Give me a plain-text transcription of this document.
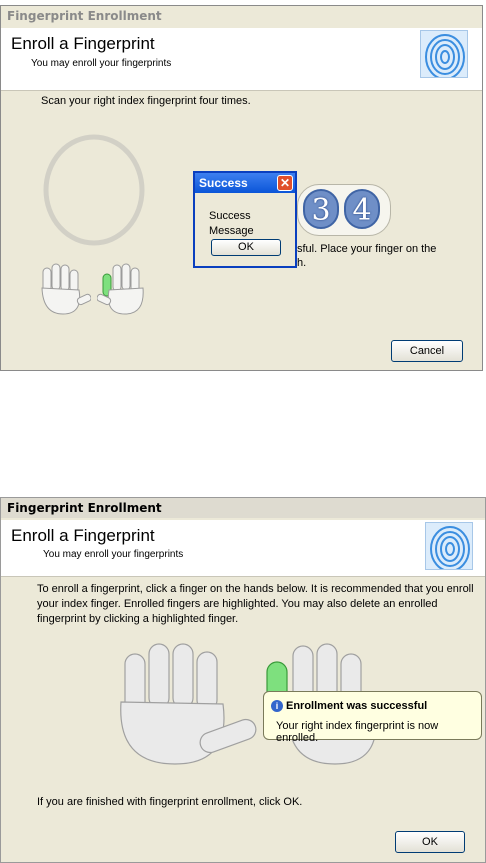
Fingerprint Enrollment
Enroll a Fingerprint
You may enroll your fingerprints
Scan your right index fingerprint four times.
3 4
sful. Place your finger on the
h.
Success	✕
Success Message
OK
Cancel
Fingerprint Enrollment
Enroll a Fingerprint
You may enroll your fingerprints
To enroll a fingerprint, click a finger on the hands below. It is recommended that you enroll your index finger. Enrolled fingers are highlighted. You may also delete an enrolled fingerprint by clicking a highlighted finger.
i Enrollment was successful
Your right index fingerprint is now enrolled.
If you are finished with fingerprint enrollment, click OK.
OK
